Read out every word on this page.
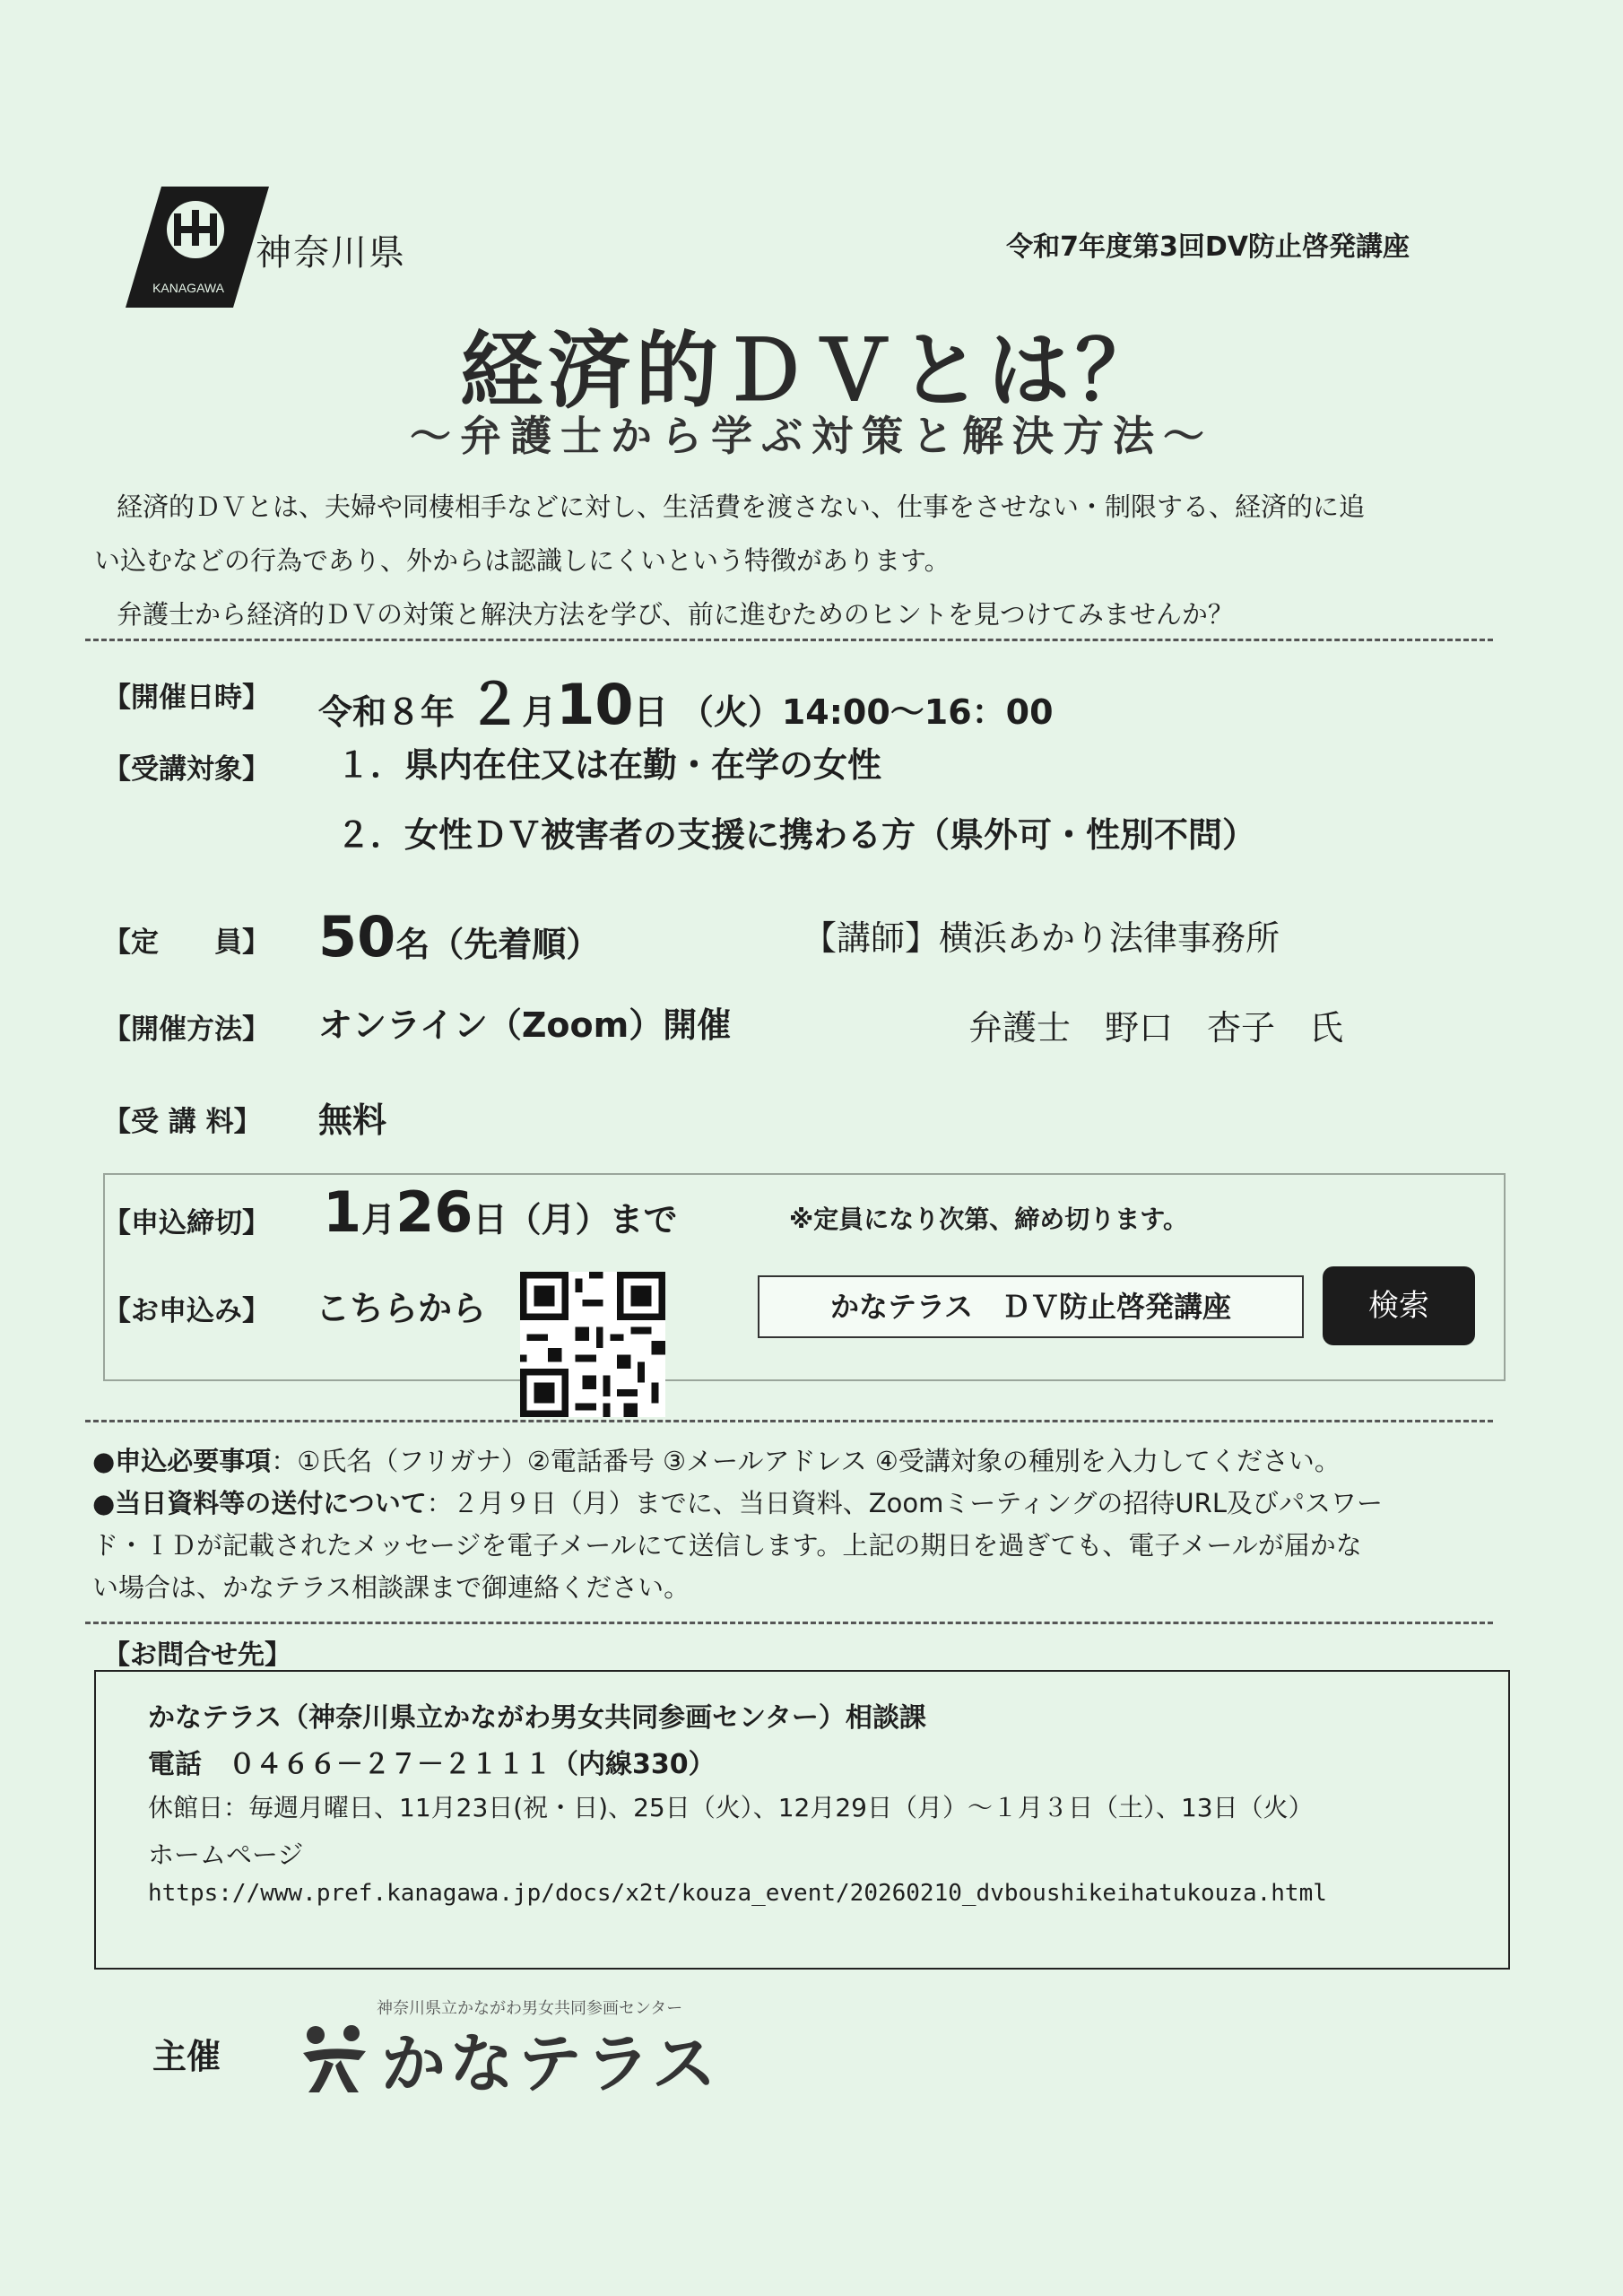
KANAGAWA
神奈川県	令和7年度第3回DV防止啓発講座
経済的ＤＶとは？
～弁護士から学ぶ対策と解決方法～

経済的ＤＶとは、夫婦や同棲相手などに対し、生活費を渡さない、仕事をさせない・制限する、経済的に追

い込むなどの行為であり、外からは認識しにくいという特徴があります。

弁護士から経済的ＤＶの対策と解決方法を学び、前に進むためのヒントを見つけてみませんか？

【開催日時】 令和８年 ２月10日 （火）14:00～16：00
【受講対象】 １．県内在住又は在勤・在学の女性
２．女性ＤＶ被害者の支援に携わる方（県外可・性別不問）
【定　　員】 50名（先着順）	【講師】横浜あかり法律事務所
【開催方法】 オンライン（Zoom）開催	弁護士　野口　杏子　氏
【受 講 料】 無料
【申込締切】 1月26日（月）まで	※定員になり次第、締め切ります。
【お申込み】 こちらから	かなテラス　ＤＶ防止啓発講座	検索

●申込必要事項：①氏名（フリガナ）②電話番号 ③メールアドレス ④受講対象の種別を入力してください。

●当日資料等の送付について：２月９日（月）までに、当日資料、Zoomミーティングの招待URL及びパスワー

ド・ＩＤが記載されたメッセージを電子メールにて送信します。上記の期日を過ぎても、電子メールが届かな

い場合は、かなテラス相談課まで御連絡ください。

【お問合せ先】
かなテラス（神奈川県立かながわ男女共同参画センター）相談課
電話　０４６６－２７－２１１１（内線330）
休館日：毎週月曜日、11月23日(祝・日)、25日（火）、12月29日（月）～１月３日（土）、13日（火）
ホームページ
https://www.pref.kanagawa.jp/docs/x2t/kouza_event/20260210_dvboushikeihatukouza.html
主催
神奈川県立かながわ男女共同参画センター
かなテラス
